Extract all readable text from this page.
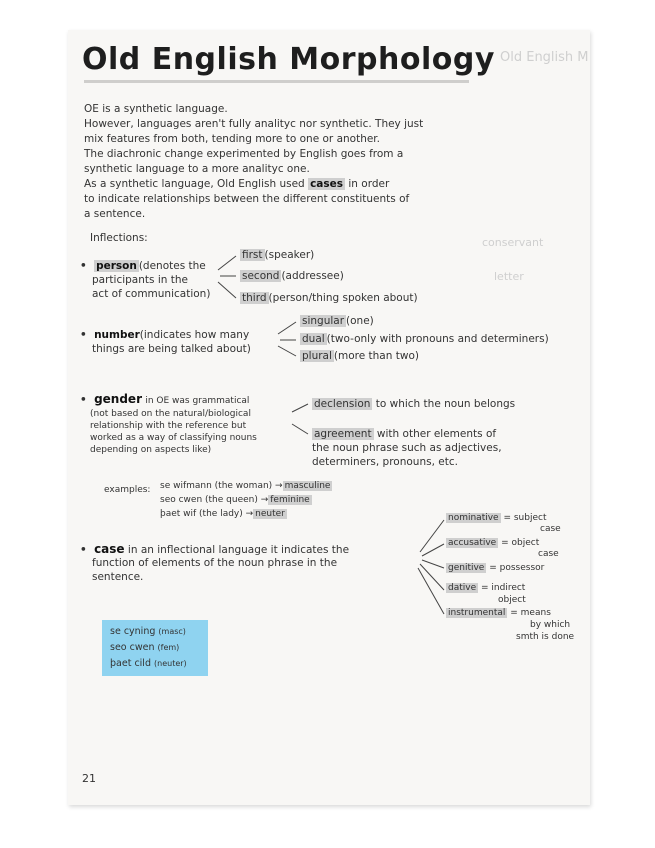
Old English M
conservant
letter
Old English Morphology
OE is a synthetic language.
However, languages aren't fully analityc nor synthetic. They just
mix features from both, tending more to one or another.
The diachronic change experimented by English goes from a
synthetic language to a more analityc one.
As a synthetic language, Old English used cases in order
to indicate relationships between the different constituents of
a sentence.
Inflections:
• person (denotes the
participants in the
act of communication)
first (speaker)
second (addressee)
third (person/thing spoken about)
• number(indicates how many
things are being talked about)
singular (one)
dual (two-only with pronouns and determiners)
plural (more than two)
• gender in OE was grammatical
(not based on the natural/biological
relationship with the reference but
worked as a way of classifying nouns
depending on aspects like)
declension to which the noun belongs
agreement with other elements of
the noun phrase such as adjectives,
determiners, pronouns, etc.
examples: se wifmann (the woman) → masculine
seo cwen (the queen) → feminine
þaet wif (the lady) → neuter
• case in an inflectional language it indicates the
function of elements of the noun phrase in the
sentence.
nominative = subject
case
accusative = object
case
genitive = possessor
dative = indirect
object
instrumental = means
by which
smth is done
se cyning (masc)
seo cwen (fem)
þaet cild (neuter)
21
